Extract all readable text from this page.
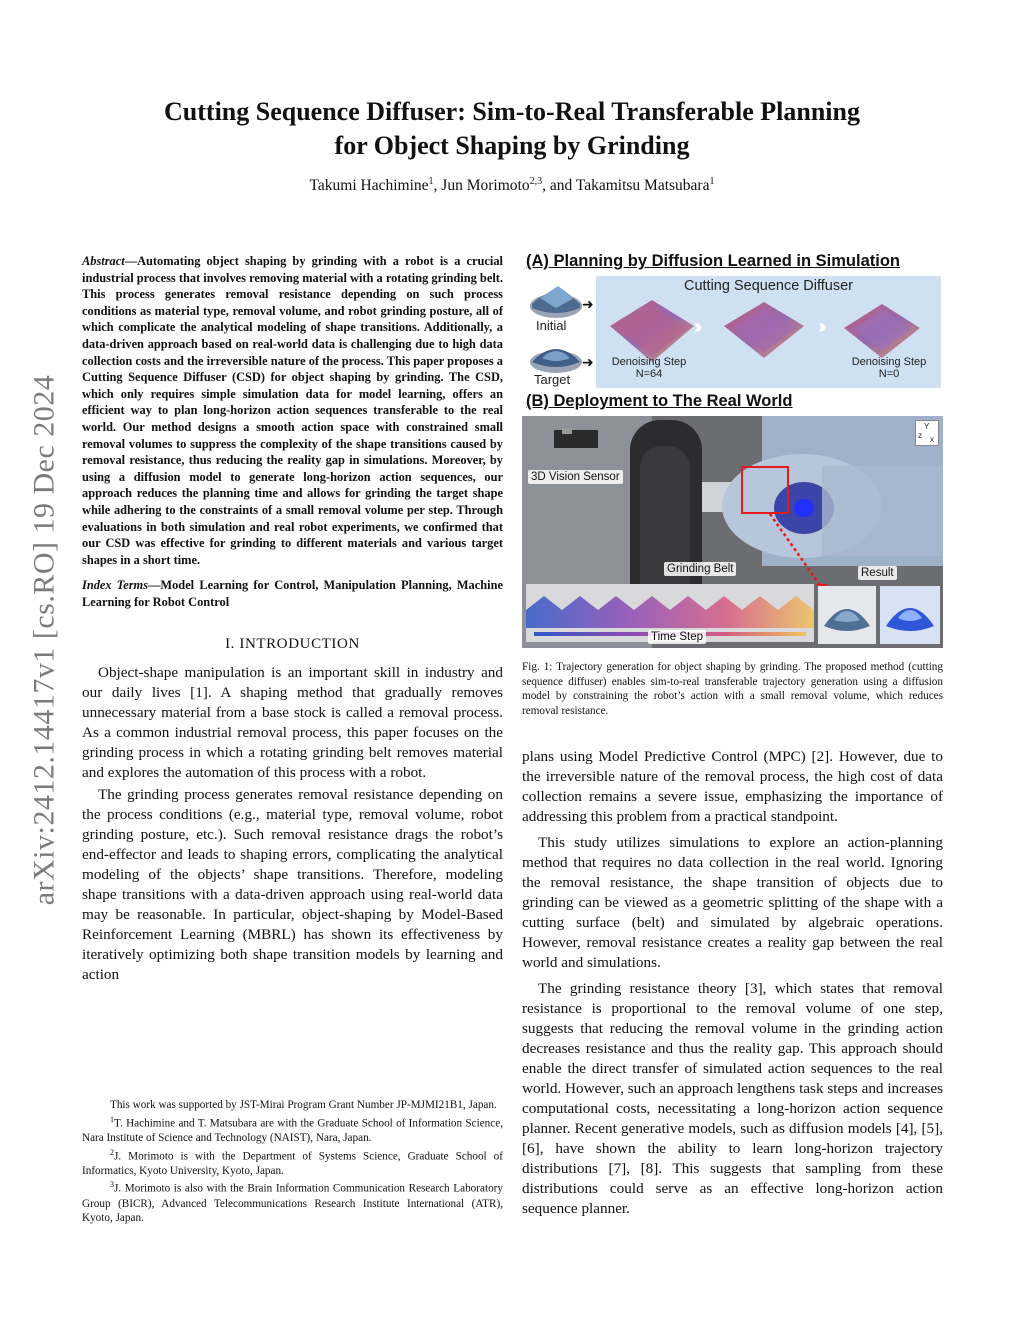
arXiv:2412.14417v1 [cs.RO] 19 Dec 2024
Cutting Sequence Diffuser: Sim-to-Real Transferable Planning
for Object Shaping by Grinding
Takumi Hachimine$^1$, Jun Morimoto$^{2,3}$, and Takamitsu Matsubara$^1$

Abstract—Automating object shaping by grinding with a robot is a crucial industrial process that involves removing material with a rotating grinding belt. This process generates removal resistance depending on such process conditions as material type, removal volume, and robot grinding posture, all of which complicate the analytical modeling of shape transitions. Additionally, a data-driven approach based on real-world data is challenging due to high data collection costs and the irreversible nature of the process. This paper proposes a Cutting Sequence Diffuser (CSD) for object shaping by grinding. The CSD, which only requires simple simulation data for model learning, offers an efficient way to plan long-horizon action sequences transferable to the real world. Our method designs a smooth action space with constrained small removal volumes to suppress the complexity of the shape transitions caused by removal resistance, thus reducing the reality gap in simulations. Moreover, by using a diffusion model to generate long-horizon action sequences, our approach reduces the planning time and allows for grinding the target shape while adhering to the constraints of a small removal volume per step. Through evaluations in both simulation and real robot experiments, we confirmed that our CSD was effective for grinding to different materials and various target shapes in a short time.

Index Terms—Model Learning for Control, Manipulation Planning, Machine Learning for Robot Control

I. INTRODUCTION

Object-shape manipulation is an important skill in industry and our daily lives [1]. A shaping method that gradually removes unnecessary material from a base stock is called a removal process. As a common industrial removal process, this paper focuses on the grinding process in which a rotating grinding belt removes material and explores the automation of this process with a robot.

The grinding process generates removal resistance depending on the process conditions (e.g., material type, removal volume, robot grinding posture, etc.). Such removal resistance drags the robot’s end-effector and leads to shaping errors, complicating the analytical modeling of the objects’ shape transitions. Therefore, modeling shape transitions with a data-driven approach using real-world data may be reasonable. In particular, object-shaping by Model-Based Reinforcement Learning (MBRL) has shown its effectiveness by iteratively optimizing both shape transition models by learning and action

This work was supported by JST-Mirai Program Grant Number JP-MJMI21B1, Japan.

$^1$T. Hachimine and T. Matsubara are with the Graduate School of Information Science, Nara Institute of Science and Technology (NAIST), Nara, Japan.

$^2$J. Morimoto is with the Department of Systems Science, Graduate School of Informatics, Kyoto University, Kyoto, Japan.

$^3$J. Morimoto is also with the Brain Information Communication Research Laboratory Group (BICR), Advanced Telecommunications Research Institute International (ATR), Kyoto, Japan.

(A) Planning by Diffusion Learned in Simulation
Initial
Target
➜
➜
Cutting Sequence Diffuser
››	››
Denoising Step
N=64
Denoising Step
N=0
(B) Deployment to The Real World
Y
z x
3D Vision Sensor
Grinding Belt	Result
Time Step
Fig. 1: Trajectory generation for object shaping by grinding. The proposed method (cutting sequence diffuser) enables sim-to-real transferable trajectory generation using a diffusion model by constraining the robot’s action with a small removal volume, which reduces removal resistance.

plans using Model Predictive Control (MPC) [2]. However, due to the irreversible nature of the removal process, the high cost of data collection remains a severe issue, emphasizing the importance of addressing this problem from a practical standpoint.

This study utilizes simulations to explore an action-planning method that requires no data collection in the real world. Ignoring the removal resistance, the shape transition of objects due to grinding can be viewed as a geometric splitting of the shape with a cutting surface (belt) and simulated by algebraic operations. However, removal resistance creates a reality gap between the real world and simulations.

The grinding resistance theory [3], which states that removal resistance is proportional to the removal volume of one step, suggests that reducing the removal volume in the grinding action decreases resistance and thus the reality gap. This approach should enable the direct transfer of simulated action sequences to the real world. However, such an approach lengthens task steps and increases computational costs, necessitating a long-horizon action sequence planner. Recent generative models, such as diffusion models [4], [5], [6], have shown the ability to learn long-horizon trajectory distributions [7], [8]. This suggests that sampling from these distributions could serve as an effective long-horizon action sequence planner.
